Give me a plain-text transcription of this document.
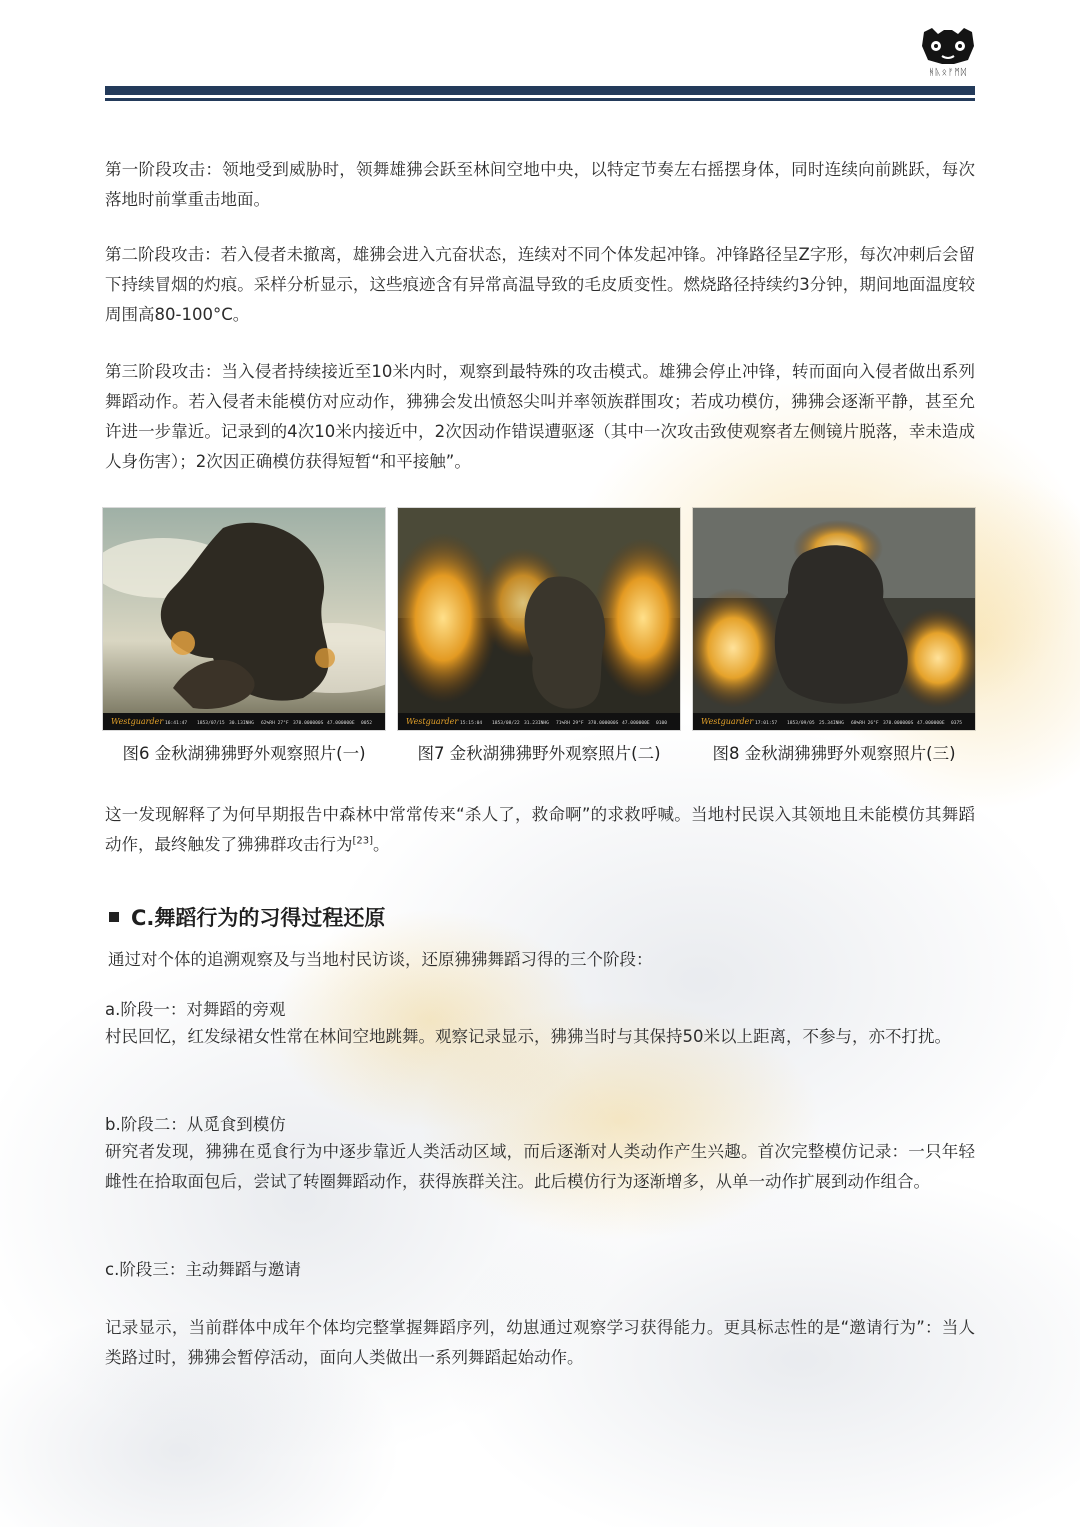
ᚻᚣᛟᚠᛗᛞ
第一阶段攻击：领地受到威胁时，领舞雄狒会跃至林间空地中央，以特定节奏左右摇摆身体，同时连续向前跳跃，每次落地时前掌重击地面。
第二阶段攻击：若入侵者未撤离，雄狒会进入亢奋状态，连续对不同个体发起冲锋。冲锋路径呈Z字形，每次冲刺后会留下持续冒烟的灼痕。采样分析显示，这些痕迹含有异常高温导致的毛皮质变性。燃烧路径持续约3分钟，期间地面温度较周围高80-100°C。
第三阶段攻击：当入侵者持续接近至10米内时，观察到最特殊的攻击模式。雄狒会停止冲锋，转而面向入侵者做出系列舞蹈动作。若入侵者未能模仿对应动作，狒狒会发出愤怒尖叫并率领族群围攻；若成功模仿，狒狒会逐渐平静，甚至允许进一步靠近。记录到的4次10米内接近中，2次因动作错误遭驱逐（其中一次攻击致使观察者左侧镜片脱落，幸未造成人身伤害）；2次因正确模仿获得短暂“和平接触”。
Westguarder 16:41:47 1853/07/15 30.13INHG 62%RH 27°F 378.000000S 47.000000E 0052	Westguarder 15:15:04 1853/08/22 31.23INHG 71%RH 29°F 378.000000S 47.000000E 0100	Westguarder 17:01:57 1853/09/05 25.34INHG 68%RH 26°F 378.000000S 47.000000E 0375
图6 金秋湖狒狒野外观察照片(一)	图7 金秋湖狒狒野外观察照片(二)	图8 金秋湖狒狒野外观察照片(三)
这一发现解释了为何早期报告中森林中常常传来“杀人了，救命啊”的求救呼喊。当地村民误入其领地且未能模仿其舞蹈动作，最终触发了狒狒群攻击行为[23]。
C.舞蹈行为的习得过程还原
通过对个体的追溯观察及与当地村民访谈，还原狒狒舞蹈习得的三个阶段：
a.阶段一：对舞蹈的旁观
村民回忆，红发绿裙女性常在林间空地跳舞。观察记录显示，狒狒当时与其保持50米以上距离，不参与，亦不打扰。
b.阶段二：从觅食到模仿
研究者发现，狒狒在觅食行为中逐步靠近人类活动区域，而后逐渐对人类动作产生兴趣。首次完整模仿记录：一只年轻雌性在拾取面包后，尝试了转圈舞蹈动作，获得族群关注。此后模仿行为逐渐增多，从单一动作扩展到动作组合。
c.阶段三：主动舞蹈与邀请
记录显示，当前群体中成年个体均完整掌握舞蹈序列，幼崽通过观察学习获得能力。更具标志性的是“邀请行为”：当人类路过时，狒狒会暂停活动，面向人类做出一系列舞蹈起始动作。
